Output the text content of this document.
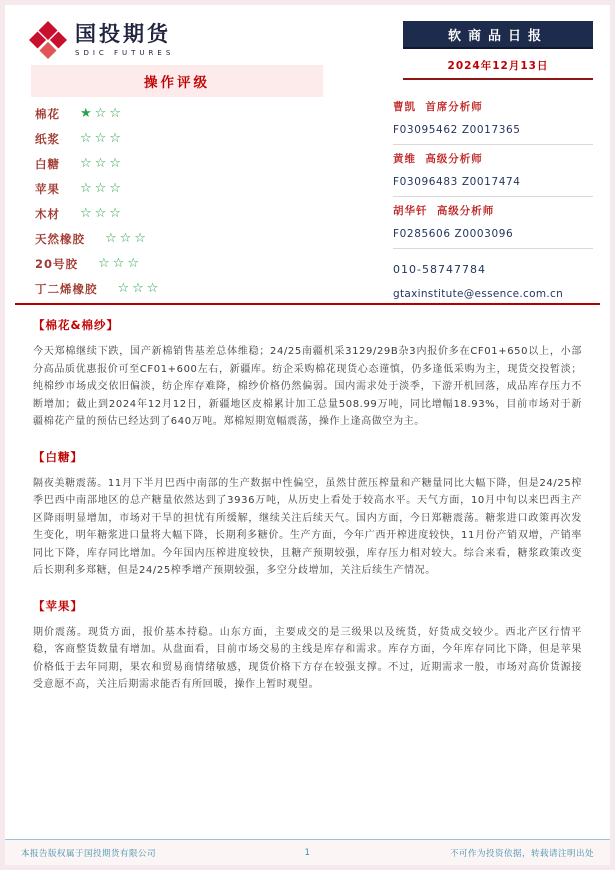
国投期货
SDIC FUTURES
软商品日报
2024年12月13日
操作评级
棉花 ★☆☆
纸浆 ☆☆☆
白糖 ☆☆☆
苹果 ☆☆☆
木材 ☆☆☆
天然橡胶 ☆☆☆
20号胶 ☆☆☆
丁二烯橡胶 ☆☆☆
曹凯 首席分析师
F03095462 Z0017365
黄维 高级分析师
F03096483 Z0017474
胡华钎 高级分析师
F0285606 Z0003096
010-58747784
gtaxinstitute@essence.com.cn
【棉花&棉纱】
今天郑棉继续下跌，国产新棉销售基差总体维稳；24/25南疆机采3129/29B杂3内报价多在CF01+650以上，小部分高品质优惠报价可至CF01+600左右，新疆库。纺企采购棉花现货心态谨慎，仍多逢低采购为主，现货交投暂淡；纯棉纱市场成交依旧偏淡，纺企库存难降，棉纱价格仍然偏弱。国内需求处于淡季，下游开机回落，成品库存压力不断增加；截止到2024年12月12日，新疆地区皮棉累计加工总量508.99万吨，同比增幅18.93%，目前市场对于新疆棉花产量的预估已经达到了640万吨。郑棉短期宽幅震荡，操作上逢高做空为主。
【白糖】
隔夜美糖震荡。11月下半月巴西中南部的生产数据中性偏空，虽然甘蔗压榨量和产糖量同比大幅下降，但是24/25榨季巴西中南部地区的总产糖量依然达到了3936万吨，从历史上看处于较高水平。天气方面，10月中旬以来巴西主产区降雨明显增加，市场对干旱的担忧有所缓解，继续关注后续天气。国内方面，今日郑糖震荡。糖浆进口政策再次发生变化，明年糖浆进口量将大幅下降，长期利多糖价。生产方面，今年广西开榨进度较快，11月份产销双增，产销率同比下降，库存同比增加。今年国内压榨进度较快，且糖产预期较强，库存压力相对较大。综合来看，糖浆政策改变后长期利多郑糖，但是24/25榨季增产预期较强，多空分歧增加，关注后续生产情况。
【苹果】
期价震荡。现货方面，报价基本持稳。山东方面，主要成交的是三级果以及统货，好货成交较少。西北产区行情平稳，客商整货数量有增加。从盘面看，目前市场交易的主线是库存和需求。库存方面，今年库存同比下降，但是苹果价格低于去年同期，果农和贸易商情绪敏感，现货价格下方存在较强支撑。不过，近期需求一般，市场对高价货源接受意愿不高，关注后期需求能否有所回暖，操作上暂时观望。
本报告版权属于国投期货有限公司	1	不可作为投资依据，转载请注明出处
